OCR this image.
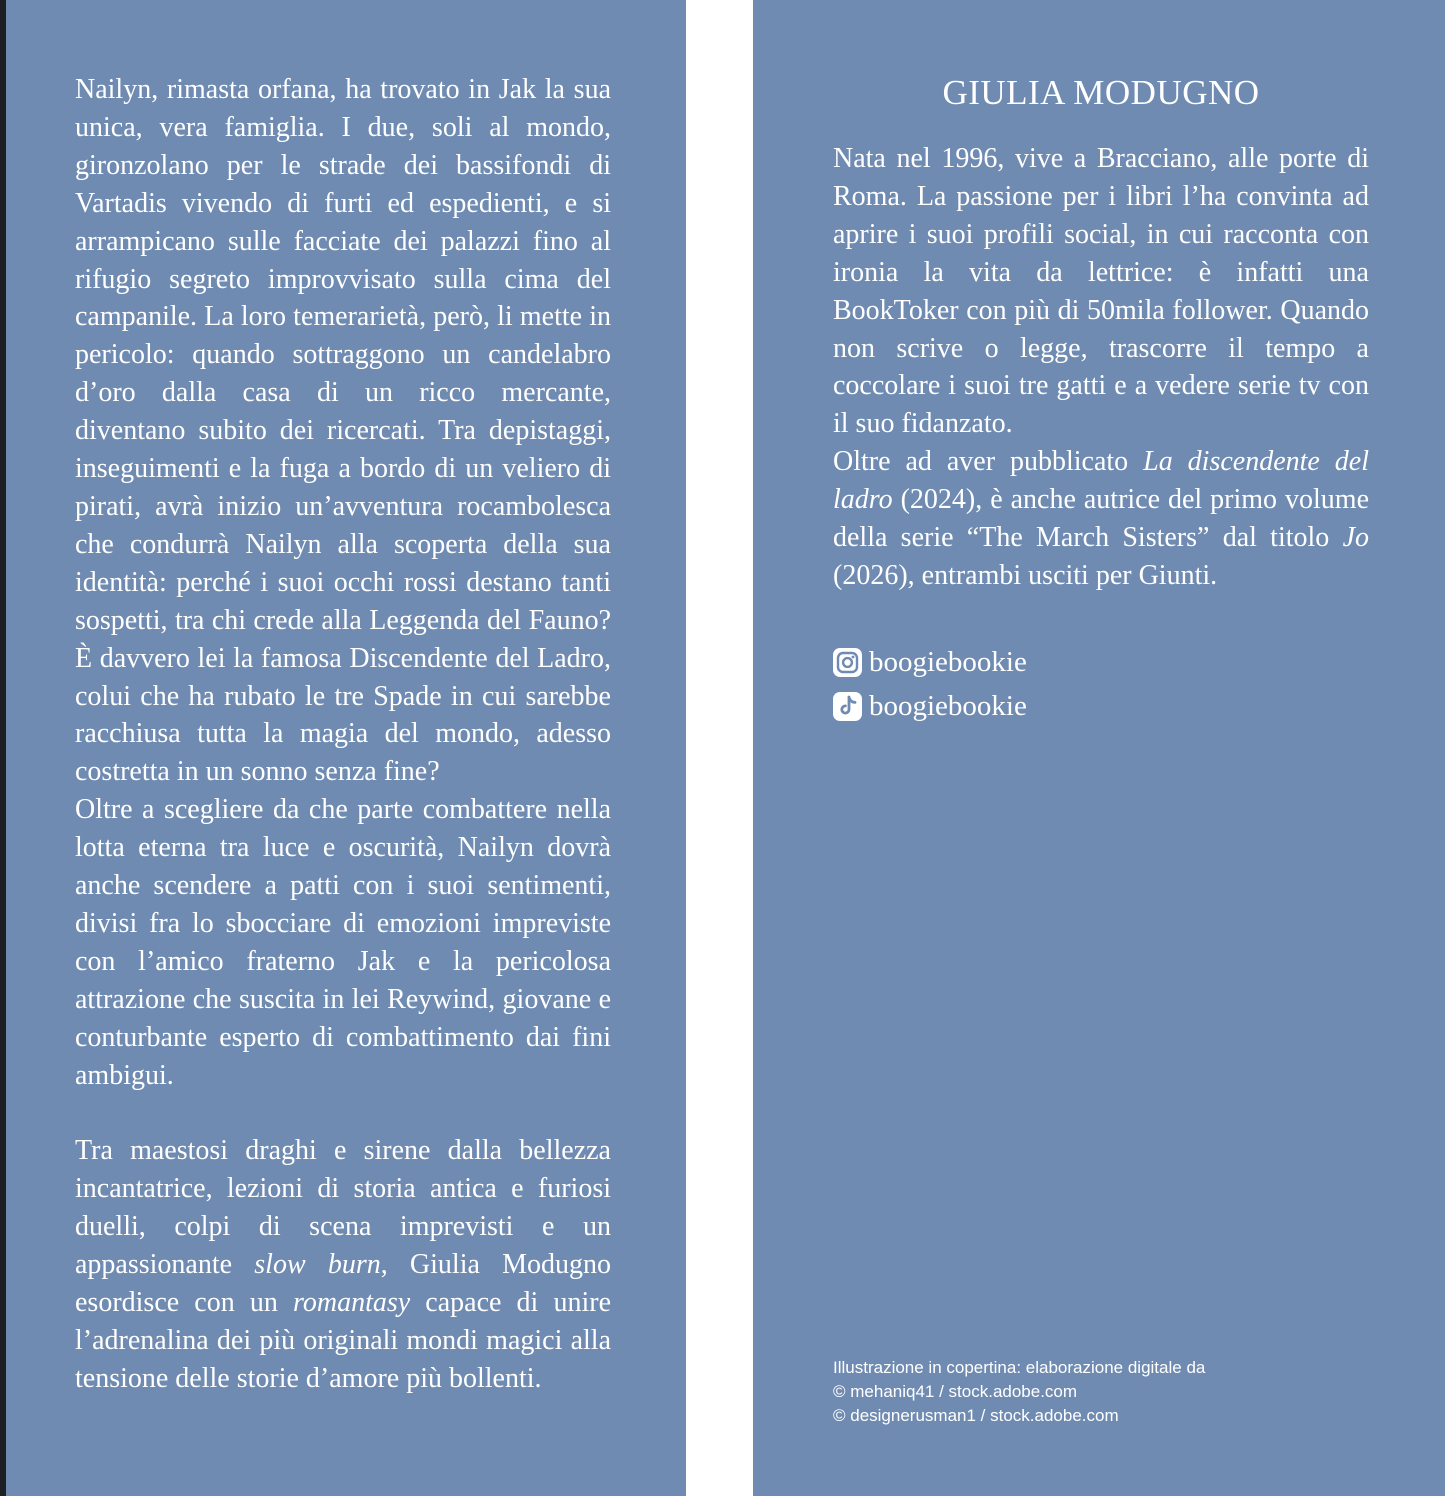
Nailyn, rimasta orfana, ha trovato in Jak la sua unica, vera famiglia. I due, soli al mondo, gironzolano per le strade dei bassifondi di Vartadis vivendo di furti ed espedienti, e si arrampicano sulle facciate dei palazzi fino al rifugio segreto improvvisato sulla cima del campanile. La loro temerarietà, però, li mette in pericolo: quando sottraggono un candelabro d’oro dalla casa di un ricco mercante, diventano subito dei ricercati. Tra depistaggi, inseguimenti e la fuga a bordo di un veliero di pirati, avrà inizio un’avventura rocambolesca che condurrà Nailyn alla scoperta della sua identità: perché i suoi occhi rossi destano tanti sospetti, tra chi crede alla Leggenda del Fauno? È davvero lei la famosa Discendente del Ladro, colui che ha rubato le tre Spade in cui sarebbe racchiusa tutta la magia del mondo, adesso costretta in un sonno senza fine?

Oltre a scegliere da che parte combattere nella lotta eterna tra luce e oscurità, Nailyn dovrà anche scendere a patti con i suoi sentimenti, divisi fra lo sbocciare di emozioni impreviste con l’amico fraterno Jak e la pericolosa attrazione che suscita in lei Reywind, giovane e conturbante esperto di combattimento dai fini ambigui.

Tra maestosi draghi e sirene dalla bellezza incantatrice, lezioni di storia antica e furiosi duelli, colpi di scena imprevisti e un appassionante slow burn, Giulia Modugno esordisce con un romantasy capace di unire l’adrenalina dei più originali mondi magici alla tensione delle storie d’amore più bollenti.

GIULIA MODUGNO

Nata nel 1996, vive a Bracciano, alle porte di Roma. La passione per i libri l’ha convinta ad aprire i suoi profili social, in cui racconta con ironia la vita da lettrice: è infatti una BookToker con più di 50mila follower. Quando non scrive o legge, trascorre il tempo a coccolare i suoi tre gatti e a vedere serie tv con il suo fidanzato.

Oltre ad aver pubblicato La discendente del ladro (2024), è anche autrice del primo volume della serie “The March Sisters” dal titolo Jo (2026), entrambi usciti per Giunti.

boogiebookie
boogiebookie
Illustrazione in copertina: elaborazione digitale da
© mehaniq41 / stock.adobe.com
© designerusman1 / stock.adobe.com
